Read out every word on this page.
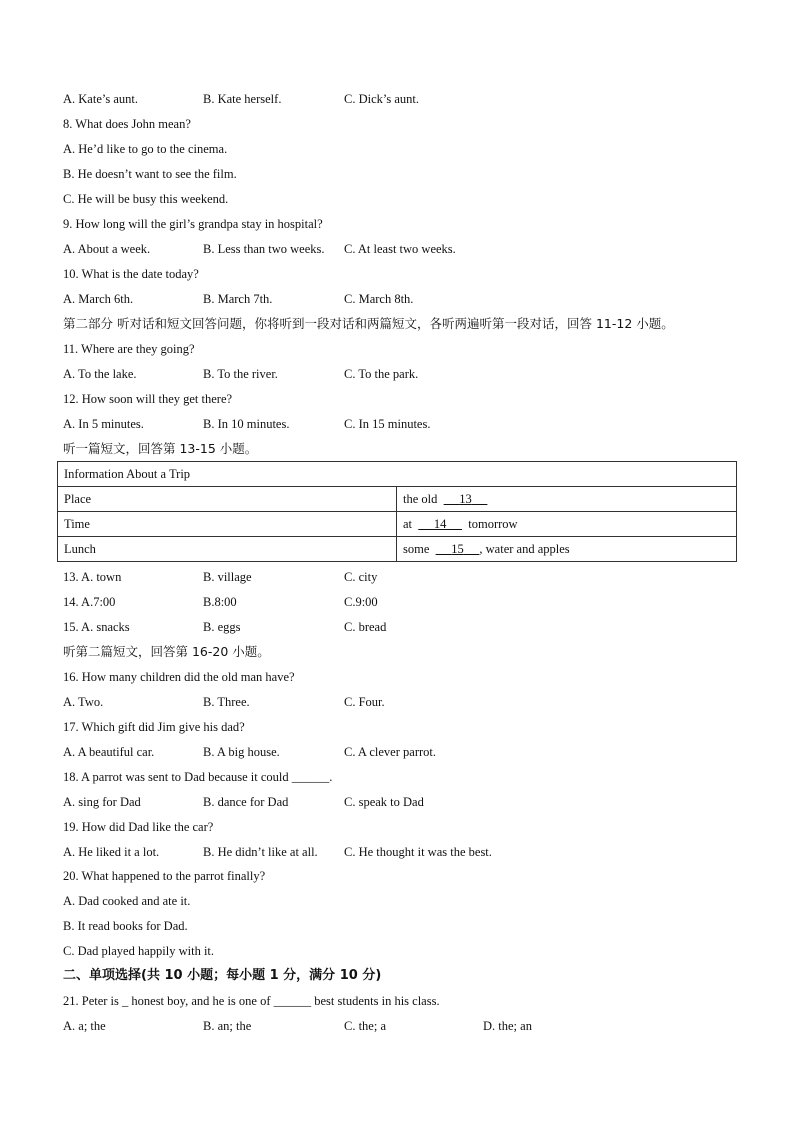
A. Kate’s aunt.	B. Kate herself.	C. Dick’s aunt.
8. What does John mean?
A. He’d like to go to the cinema.
B. He doesn’t want to see the film.
C. He will be busy this weekend.
9. How long will the girl’s grandpa stay in hospital?
A. About a week.	B. Less than two weeks. C. At least two weeks.
10. What is the date today?
A. March 6th.	B. March 7th.	C. March 8th.
第二部分 听对话和短文回答问题，你将听到一段对话和两篇短文，各听两遍听第一段对话，回答 11-12 小题。
11. Where are they going?
A. To the lake.	B. To the river.	C. To the park.
12. How soon will they get there?
A. In 5 minutes.	B. In 10 minutes.	C. In 15 minutes.
听一篇短文，回答第 13-15 小题。
Information About a Trip	
Place	the old 13
Time	at 14 tomorrow
Lunch	some 15 , water and apples
13. A. town	B. village	C. city
14. A.7:00	B.8:00	C.9:00
15. A. snacks	B. eggs	C. bread
听第二篇短文，回答第 16-20 小题。
16. How many children did the old man have?
A. Two.	B. Three.	C. Four.
17. Which gift did Jim give his dad?
A. A beautiful car.	B. A big house.	C. A clever parrot.
18. A parrot was sent to Dad because it could ______.
A. sing for Dad	B. dance for Dad	C. speak to Dad
19. How did Dad like the car?
A. He liked it a lot.	B. He didn’t like at all. C. He thought it was the best.
20. What happened to the parrot finally?
A. Dad cooked and ate it.
B. It read books for Dad.
C. Dad played happily with it.
二、单项选择(共 10 小题；每小题 1 分，满分 10 分)
21. Peter is _ honest boy, and he is one of ______ best students in his class.
A. a; the	B. an; the	C. the; a	D. the; an
